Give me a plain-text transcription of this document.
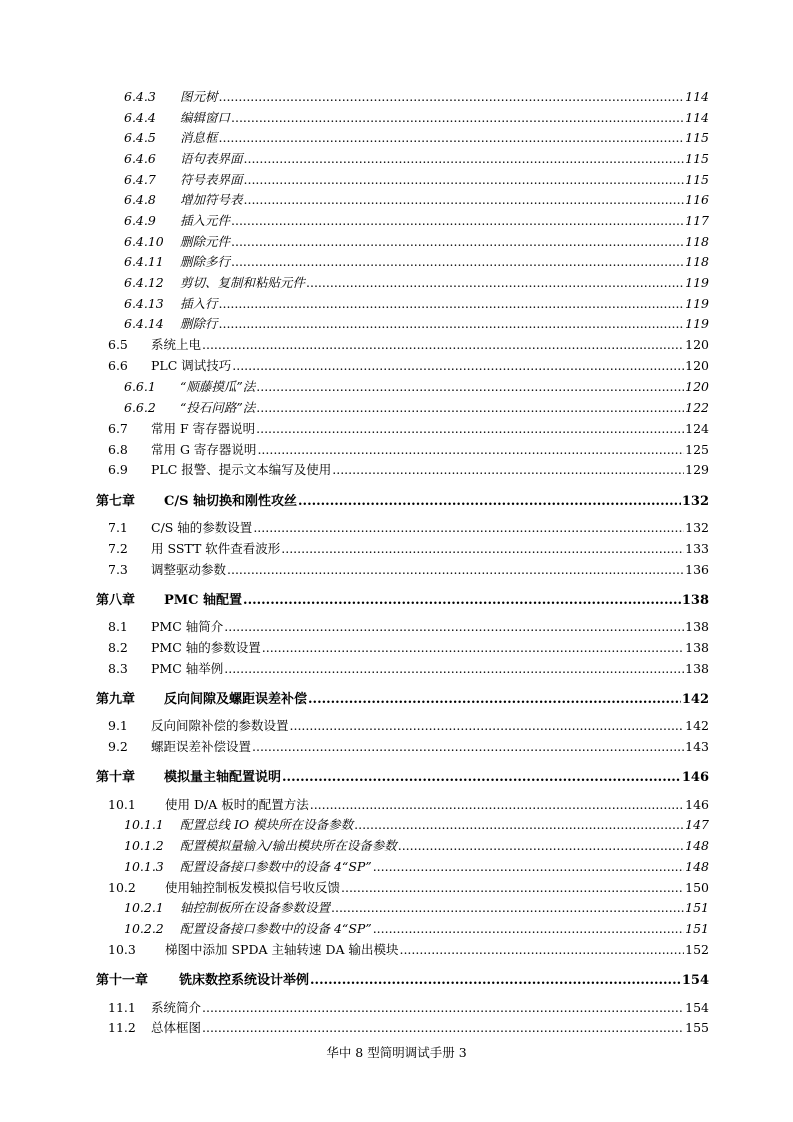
6.4.3	图元树 .....	114
6.4.4	编辑窗口 .....	114
6.4.5	消息框 .....	115
6.4.6	语句表界面 .....	115
6.4.7	符号表界面 .....	115
6.4.8	增加符号表 .....	116
6.4.9	插入元件 .....	117
6.4.10	删除元件 .....	118
6.4.11	删除多行 .....	118
6.4.12	剪切、复制和粘贴元件 .....	119
6.4.13	插入行 .....	119
6.4.14	删除行 .....	119
6.5	系统上电 .....	120
6.6	PLC 调试技巧 .....	120
6.6.1	“顺藤摸瓜”法 .....	120
6.6.2	“投石问路”法 .....	122
6.7	常用 F 寄存器说明 .....	124
6.8	常用 G 寄存器说明 .....	125
6.9	PLC 报警、提示文本编写及使用 .....	129
第七章	C/S 轴切换和刚性攻丝 .....	132
7.1	C/S 轴的参数设置 .....	132
7.2	用 SSTT 软件查看波形 .....	133
7.3	调整驱动参数 .....	136
第八章	PMC 轴配置 .....	138
8.1	PMC 轴简介 .....	138
8.2	PMC 轴的参数设置 .....	138
8.3	PMC 轴举例 .....	138
第九章	反向间隙及螺距误差补偿 .....	142
9.1	反向间隙补偿的参数设置 .....	142
9.2	螺距误差补偿设置 .....	143
第十章	模拟量主轴配置说明 .....	146
10.1	使用 D/A 板时的配置方法 .....	146
10.1.1	配置总线 IO 模块所在设备参数 .....	147
10.1.2	配置模拟量输入/输出模块所在设备参数 .....	148
10.1.3	配置设备接口参数中的设备 4“SP” .....	148
10.2	使用轴控制板发模拟信号收反馈 .....	150
10.2.1	轴控制板所在设备参数设置 .....	151
10.2.2	配置设备接口参数中的设备 4“SP” .....	151
10.3	梯图中添加 SPDA 主轴转速 DA 输出模块 .....	152
第十一章	铣床数控系统设计举例 .....	154
11.1	系统简介 .....	154
11.2	总体框图 .....	155
华中 8 型简明调试手册 3
